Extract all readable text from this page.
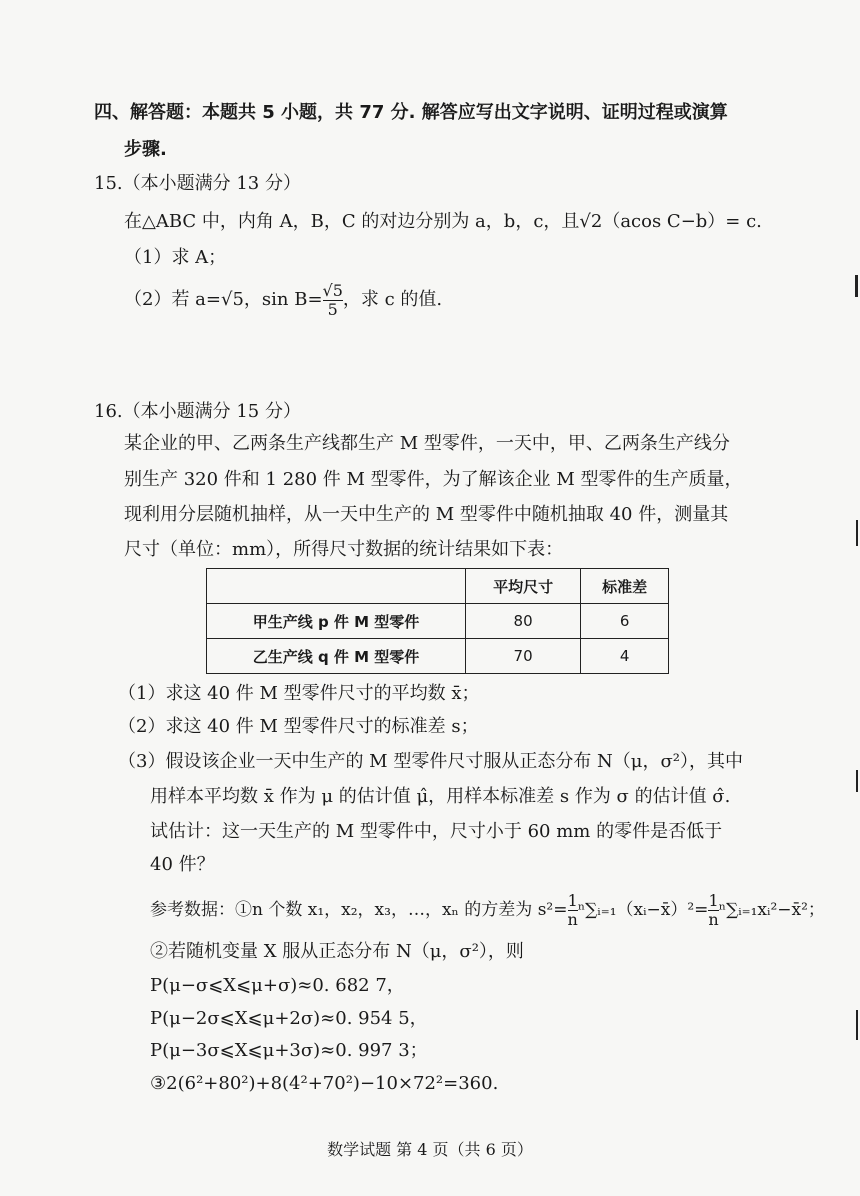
四、解答题：本题共 5 小题，共 77 分. 解答应写出文字说明、证明过程或演算
步骤.
15.（本小题满分 13 分）
在△ABC 中，内角 A，B，C 的对边分别为 a，b，c，且√2（acos C−b）= c.
（1）求 A；
（2）若 a=√5，$\sin B= \frac{√5}{5}$ ，求 c 的值.
16.（本小题满分 15 分）
某企业的甲、乙两条生产线都生产 M 型零件，一天中，甲、乙两条生产线分
别生产 320 件和 1 280 件 M 型零件，为了解该企业 M 型零件的生产质量，
现利用分层随机抽样，从一天中生产的 M 型零件中随机抽取 40 件，测量其
尺寸（单位：mm），所得尺寸数据的统计结果如下表：
	平均尺寸	标准差
甲生产线 p 件 M 型零件	80	6
乙生产线 q 件 M 型零件	70	4
（1）求这 40 件 M 型零件尺寸的平均数 x̄；
（2）求这 40 件 M 型零件尺寸的标准差 s；
（3）假设该企业一天中生产的 M 型零件尺寸服从正态分布 N（μ，σ²），其中
用样本平均数 x̄ 作为 μ 的估计值 μ̂，用样本标准差 s 作为 σ 的估计值 σ̂.
试估计：这一天生产的 M 型零件中，尺寸小于 60 mm 的零件是否低于
40 件？
参考数据：①n 个数 x₁，x₂，x₃，…，xₙ 的方差为 $s^2= \frac{1}{n}$ ⁿ∑ᵢ₌₁（xᵢ−x̄）²= $\frac{1}{n}$ ⁿ∑ᵢ₌₁xᵢ²−x̄²；
②若随机变量 X 服从正态分布 N（μ，σ²），则
P(μ−σ⩽X⩽μ+σ)≈0. 682 7，
P(μ−2σ⩽X⩽μ+2σ)≈0. 954 5，
P(μ−3σ⩽X⩽μ+3σ)≈0. 997 3；
③2(6²+80²)+8(4²+70²)−10×72²=360.
数学试题 第 4 页（共 6 页）
